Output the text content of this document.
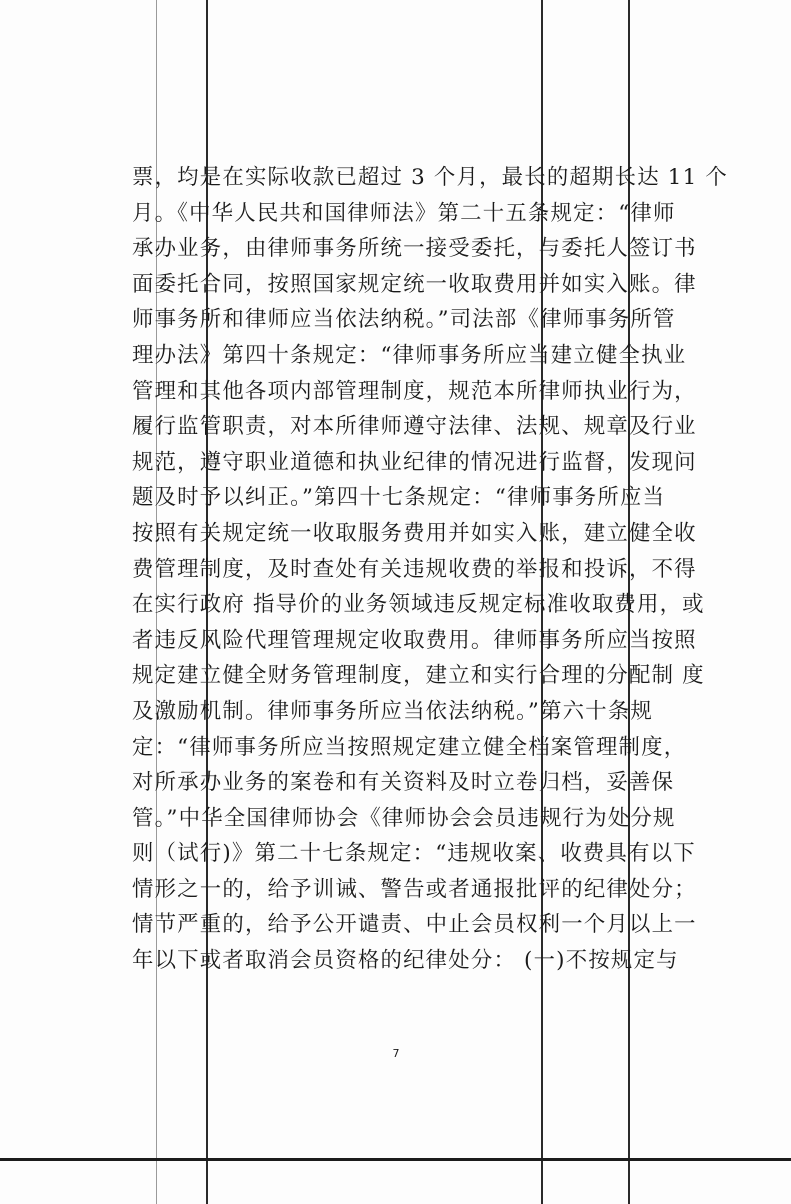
票，均是在实际收款已超过 3 个月，最长的超期长达 11 个
月。《中华人民共和国律师法》第二十五条规定：“律师
承办业务，由律师事务所统一接受委托，与委托人签订书
面委托合同，按照国家规定统一收取费用并如实入账。律
师事务所和律师应当依法纳税。”司法部《律师事务所管
理办法》第四十条规定：“律师事务所应当建立健全执业
管理和其他各项内部管理制度，规范本所律师执业行为，
履行监管职责，对本所律师遵守法律、法规、规章及行业
规范，遵守职业道德和执业纪律的情况进行监督，发现问
题及时予以纠正。”第四十七条规定：“律师事务所应当
按照有关规定统一收取服务费用并如实入账，建立健全收
费管理制度，及时查处有关违规收费的举报和投诉，不得
在实行政府 指导价的业务领域违反规定标准收取费用，或
者违反风险代理管理规定收取费用。律师事务所应当按照
规定建立健全财务管理制度，建立和实行合理的分配制 度
及激励机制。律师事务所应当依法纳税。”第六十条规
定：“律师事务所应当按照规定建立健全档案管理制度，
对所承办业务的案卷和有关资料及时立卷归档，妥善保
管。”中华全国律师协会《律师协会会员违规行为处分规
则（试行)》第二十七条规定：“违规收案、收费具有以下
情形之一的，给予训诫、警告或者通报批评的纪律处分；
情节严重的，给予公开谴责、中止会员权利一个月以上一
年以下或者取消会员资格的纪律处分： (一)不按规定与
7
